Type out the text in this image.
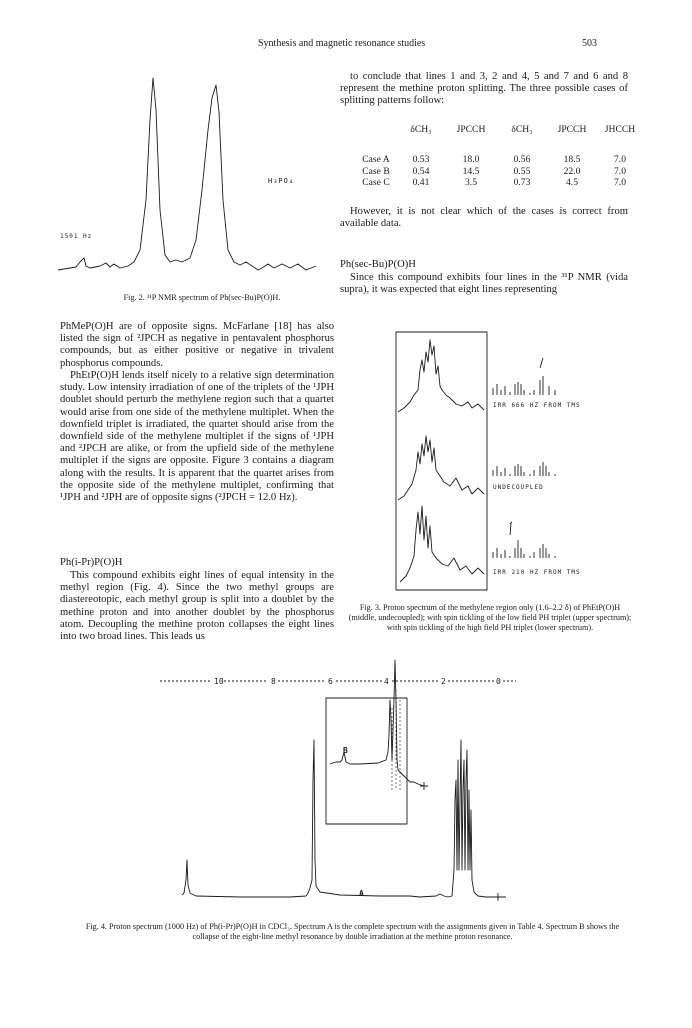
Synthesis and magnetic resonance studies	503

to conclude that lines 1 and 3, 2 and 4, 5 and 7 and 6 and 8 represent the methine proton splitting. The three possible cases of splitting patterns follow:

	δCH₃	JPCCH	δCH₃	JPCCH	JHCCH
Case A	0.53	18.0	0.56	18.5	7.0
Case B	0.54	14.5	0.55	22.0	7.0
Case C	0.41	3.5	0.73	4.5	7.0

However, it is not clear which of the cases is correct from available data.

Ph(sec-Bu)P(O)H

Since this compound exhibits four lines in the ³¹P NMR (vida supra), it was expected that eight lines representing

1501 Hz
H₃PO₄
Fig. 2. ³¹P NMR spectrum of Ph(sec-Bu)P(O)H.

PhMeP(O)H are of opposite signs. McFarlane [18] has also listed the sign of ²JPCH as negative in pentavalent phosphorus compounds, but as either positive or negative in trivalent phosphorus compounds.

PhEtP(O)H lends itself nicely to a relative sign determination study. Low intensity irradiation of one of the triplets of the ¹JPH doublet should perturb the methylene region such that a quartet would arise from one side of the methylene multiplet. When the downfield triplet is irradiated, the quartet should arise from the downfield side of the methylene multiplet if the signs of ¹JPH and ²JPCH are alike, or from the upfield side of the methylene multiplet if the signs are opposite. Figure 3 contains a diagram along with the results. It is apparent that the quartet arises from the opposite side of the methylene multiplet, confirming that ¹JPH and ²JPH are of opposite signs (²JPCH = 12.0 Hz).

Ph(i-Pr)P(O)H

This compound exhibits eight lines of equal intensity in the methyl region (Fig. 4). Since the two methyl groups are diastereotopic, each methyl group is split into a doublet by the methine proton and into another doublet by the phosphorus atom. Decoupling the methine proton collapses the eight lines into two broad lines. This leads us

IRR 666 HZ FROM TMS
UNDECOUPLED
IRR 210 HZ FROM TMS
Fig. 3. Proton spectrum of the methylene region only (1.6–2.2 δ) of PhEtP(O)H (middle, undecoupled); with spin tickling of the low field PH triplet (upper spectrum); with spin tickling of the high field PH triplet (lower spectrum).
10	8	6	4	2	0
B
A
Fig. 4. Proton spectrum (1000 Hz) of Ph(i-Pr)P(O)H in CDCl₃. Spectrum A is the complete spectrum with the assignments given in Table 4. Spectrum B shows the collapse of the eight-line methyl resonance by double irradiation at the methine proton resonance.
